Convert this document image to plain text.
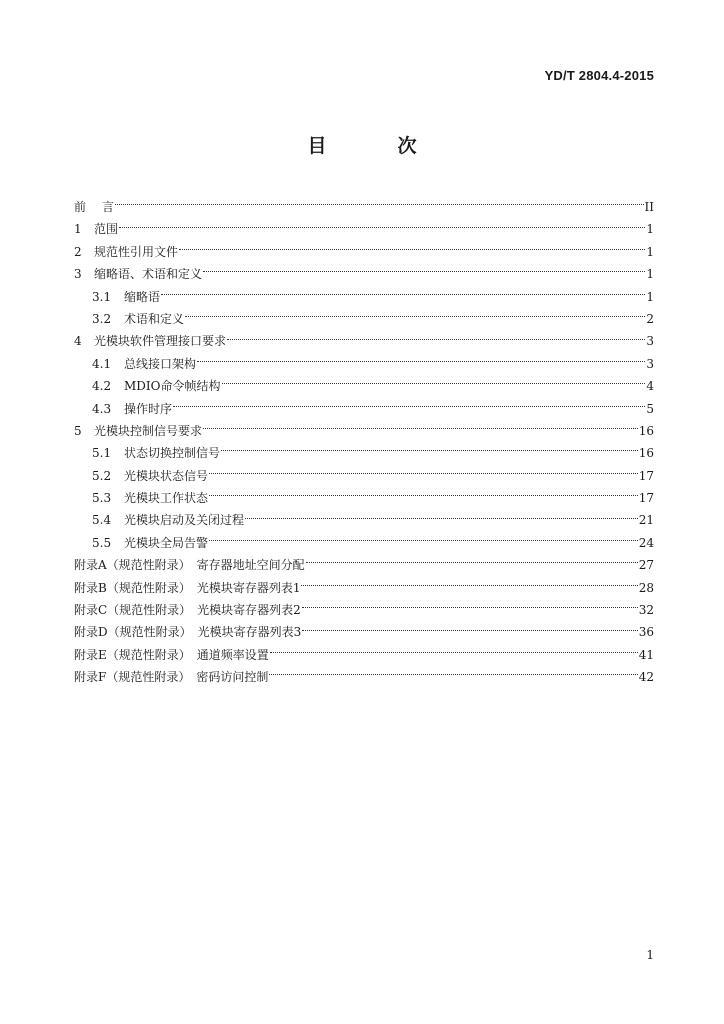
YD/T 2804.4-2015
目　次
前	言	II
1	范围	1
2	规范性引用文件	1
3	缩略语、术语和定义	1
3.1	缩略语	1
3.2	术语和定义	2
4	光模块软件管理接口要求	3
4.1	总线接口架构	3
4.2	MDIO命令帧结构	4
4.3	操作时序	5
5	光模块控制信号要求	16
5.1	状态切换控制信号	16
5.2	光模块状态信号	17
5.3	光模块工作状态	17
5.4	光模块启动及关闭过程	21
5.5	光模块全局告警	24
附录A（规范性附录）　寄存器地址空间分配	27
附录B（规范性附录）　光模块寄存器列表1	28
附录C（规范性附录）　光模块寄存器列表2	32
附录D（规范性附录）　光模块寄存器列表3	36
附录E（规范性附录）　通道频率设置	41
附录F（规范性附录）　密码访问控制	42
1
